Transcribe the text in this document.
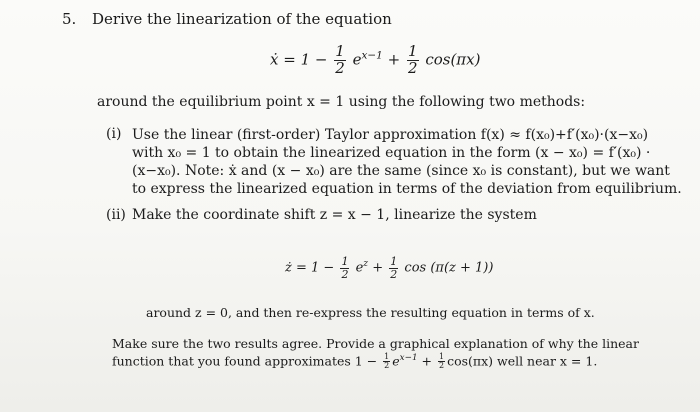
5. Derive the linearization of the equation
ẋ = $1 - \frac{1}{2} e^{x-1} + \frac{1}{2} \cos(\pi x)$
around the equilibrium point x = 1 using the following two methods:
(i) Use the linear (first-order) Taylor approximation f(x) ≈ f(x₀)+f′(x₀)·(x−x₀)
with x₀ = 1 to obtain the linearized equation in the form (x − x₀) = f′(x₀) ·
(x−x₀). Note: ẋ and (x − x₀) are the same (since x₀ is constant), but we want
to express the linearized equation in terms of the deviation from equilibrium.
(ii) Make the coordinate shift z = x − 1, linearize the system
ż = $1 - \frac{1}{2} e^z + \frac{1}{2}$ cos (π(z + 1))
around z = 0, and then re-express the resulting equation in terms of x.
Make sure the two results agree. Provide a graphical explanation of why the linear
function that you found approximates $1 - \frac{1}{2} e^{x-1} + \frac{1}{2} \cos(\pi x)$ well near x = 1.
